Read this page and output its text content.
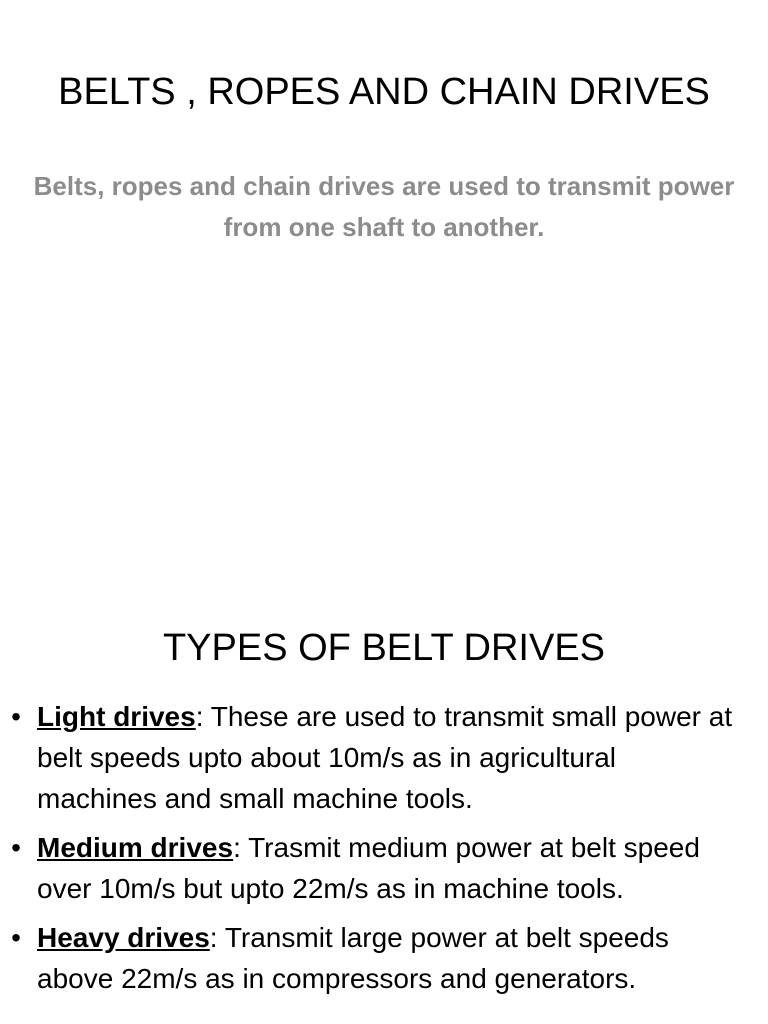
BELTS , ROPES AND CHAIN DRIVES

Belts, ropes and chain drives are used to transmit power from one shaft to another.

TYPES OF BELT DRIVES
• Light drives: These are used to transmit small power at belt speeds upto about 10m/s as in agricultural machines and small machine tools.
• Medium drives: Trasmit medium power at belt speed over 10m/s but upto 22m/s as in machine tools.
• Heavy drives: Transmit large power at belt speeds above 22m/s as in compressors and generators.
